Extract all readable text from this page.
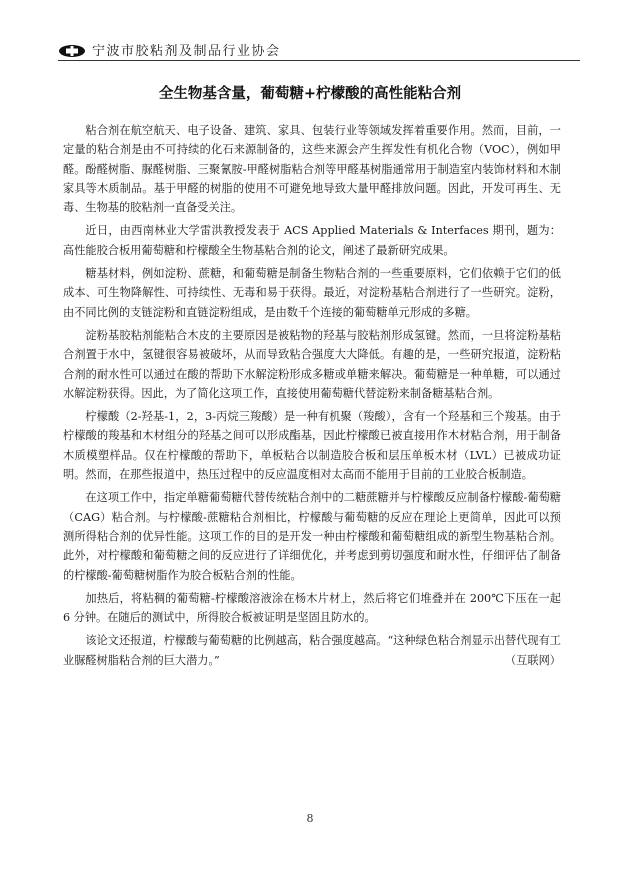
宁波市胶粘剂及制品行业协会
全生物基含量，葡萄糖+柠檬酸的高性能粘合剂

粘合剂在航空航天、电子设备、建筑、家具、包装行业等领域发挥着重要作用。然而，目前，一定量的粘合剂是由不可持续的化石来源制备的，这些来源会产生挥发性有机化合物（VOC），例如甲醛。酚醛树脂、脲醛树脂、三聚氰胺-甲醛树脂粘合剂等甲醛基树脂通常用于制造室内装饰材料和木制家具等木质制品。基于甲醛的树脂的使用不可避免地导致大量甲醛排放问题。因此，开发可再生、无毒、生物基的胶粘剂一直备受关注。

近日，由西南林业大学雷洪教授发表于 ACS Applied Materials & Interfaces 期刊，题为：高性能胶合板用葡萄糖和柠檬酸全生物基粘合剂的论文，阐述了最新研究成果。

糖基材料，例如淀粉、蔗糖，和葡萄糖是制备生物粘合剂的一些重要原料，它们依赖于它们的低成本、可生物降解性、可持续性、无毒和易于获得。最近，对淀粉基粘合剂进行了一些研究。淀粉，由不同比例的支链淀粉和直链淀粉组成，是由数千个连接的葡萄糖单元形成的多糖。

淀粉基胶粘剂能粘合木皮的主要原因是被粘物的羟基与胶粘剂形成氢键。然而，一旦将淀粉基粘合剂置于水中，氢键很容易被破坏，从而导致粘合强度大大降低。有趣的是，一些研究报道，淀粉粘合剂的耐水性可以通过在酸的帮助下水解淀粉形成多糖或单糖来解决。葡萄糖是一种单糖，可以通过水解淀粉获得。因此，为了简化这项工作，直接使用葡萄糖代替淀粉来制备糖基粘合剂。

柠檬酸（2-羟基-1，2，3-丙烷三羧酸）是一种有机聚（羧酸），含有一个羟基和三个羧基。由于柠檬酸的羧基和木材组分的羟基之间可以形成酯基，因此柠檬酸已被直接用作木材粘合剂，用于制备木质模塑样品。仅在柠檬酸的帮助下，单板粘合以制造胶合板和层压单板木材（LVL）已被成功证明。然而，在那些报道中，热压过程中的反应温度相对太高而不能用于目前的工业胶合板制造。

在这项工作中，指定单糖葡萄糖代替传统粘合剂中的二糖蔗糖并与柠檬酸反应制备柠檬酸-葡萄糖（CAG）粘合剂。与柠檬酸-蔗糖粘合剂相比，柠檬酸与葡萄糖的反应在理论上更简单，因此可以预测所得粘合剂的优异性能。这项工作的目的是开发一种由柠檬酸和葡萄糖组成的新型生物基粘合剂。此外，对柠檬酸和葡萄糖之间的反应进行了详细优化，并考虑到剪切强度和耐水性，仔细评估了制备的柠檬酸-葡萄糖树脂作为胶合板粘合剂的性能。

加热后，将粘稠的葡萄糖-柠檬酸溶液涂在杨木片材上，然后将它们堆叠并在 200℃下压在一起 6 分钟。在随后的测试中，所得胶合板被证明是坚固且防水的。

该论文还报道，柠檬酸与葡萄糖的比例越高，粘合强度越高。“这种绿色粘合剂显示出替代现有工业脲醛树脂粘合剂的巨大潜力。”	（互联网）

8
